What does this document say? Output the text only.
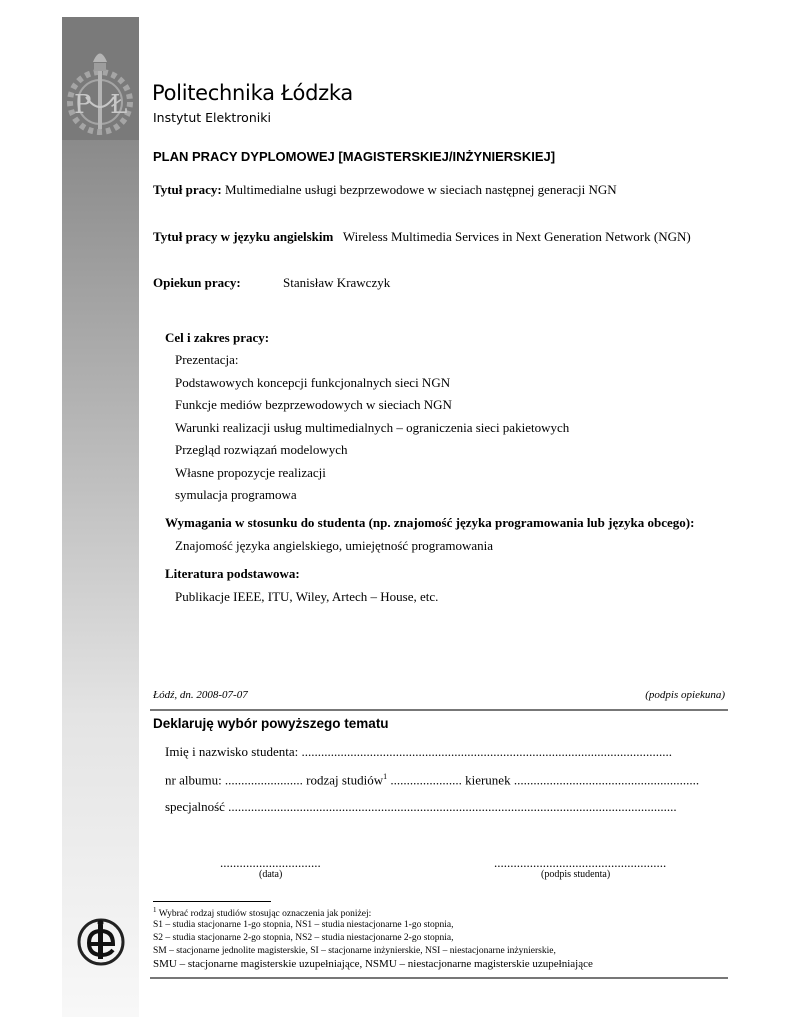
P Ł Politechnika Łódzka
Instytut Elektroniki
PLAN PRACY DYPLOMOWEJ [MAGISTERSKIEJ/INŻYNIERSKIEJ]
Tytuł pracy: Multimedialne usługi bezprzewodowe w sieciach następnej generacji NGN
Tytuł pracy w języku angielskim Wireless Multimedia Services in Next Generation Network (NGN)
Opiekun pracy:	Stanisław Krawczyk
Cel i zakres pracy:
Prezentacja:
Podstawowych koncepcji funkcjonalnych sieci NGN
Funkcje mediów bezprzewodowych w sieciach NGN
Warunki realizacji usług multimedialnych – ograniczenia sieci pakietowych
Przegląd rozwiązań modelowych
Własne propozycje realizacji
symulacja programowa
Wymagania w stosunku do studenta (np. znajomość języka programowania lub języka obcego):
Znajomość języka angielskiego, umiejętność programowania
Literatura podstawowa:
Publikacje IEEE, ITU, Wiley, Artech – House, etc.
Łódź, dn. 2008-07-07	(podpis opiekuna)
Deklaruję wybór powyższego tematu
Imię i nazwisko studenta: ..................................................................................................................
nr albumu: ........................ rodzaj studiów$^1$ ...................... kierunek .........................................................
specjalność ..........................................................................................................................................
...............................
(data)
.....................................................
(podpis studenta)
$^1$ Wybrać rodzaj studiów stosując oznaczenia jak poniżej:
S1 – studia stacjonarne 1-go stopnia, NS1 – studia niestacjonarne 1-go stopnia,
S2 – studia stacjonarne 2-go stopnia, NS2 – studia niestacjonarne 2-go stopnia,
SM – stacjonarne jednolite magisterskie, SI – stacjonarne inżynierskie, NSI – niestacjonarne inżynierskie,
SMU – stacjonarne magisterskie uzupełniające, NSMU – niestacjonarne magisterskie uzupełniające
